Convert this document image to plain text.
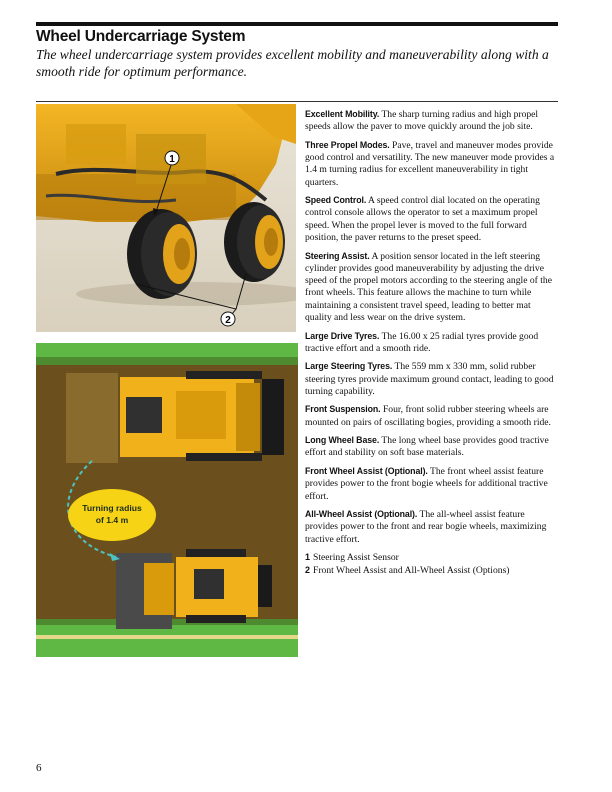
Wheel Undercarriage System

The wheel undercarriage system provides excellent mobility and maneuverability along with a smooth ride for optimum performance.

1
2
Turning radius
of 1.4 m

Excellent Mobility. The sharp turning radius and high propel speeds allow the paver to move quickly around the job site.

Three Propel Modes. Pave, travel and maneuver modes provide good control and versatility. The new maneuver mode provides a 1.4 m turning radius for excellent maneuverability in tight quarters.

Speed Control. A speed control dial located on the operating control console allows the operator to set a maximum propel speed. When the propel lever is moved to the full forward position, the paver returns to the preset speed.

Steering Assist. A position sensor located in the left steering cylinder provides good maneuverability by adjusting the drive speed of the propel motors according to the steering angle of the front wheels. This feature allows the machine to turn while maintaining a consistent travel speed, leading to better mat quality and less wear on the drive system.

Large Drive Tyres. The 16.00 x 25 radial tyres provide good tractive effort and a smooth ride.

Large Steering Tyres. The 559 mm x 330 mm, solid rubber steering tyres provide maximum ground contact, leading to good turning capability.

Front Suspension. Four, front solid rubber steering wheels are mounted on pairs of oscillating bogies, providing a smooth ride.

Long Wheel Base. The long wheel base provides good tractive effort and stability on soft base materials.

Front Wheel Assist (Optional). The front wheel assist feature provides power to the front bogie wheels for additional tractive effort.

All-Wheel Assist (Optional). The all-wheel assist feature provides power to the front and rear bogie wheels, maximizing tractive effort.

1 Steering Assist Sensor

2 Front Wheel Assist and All-Wheel Assist (Options)

6
